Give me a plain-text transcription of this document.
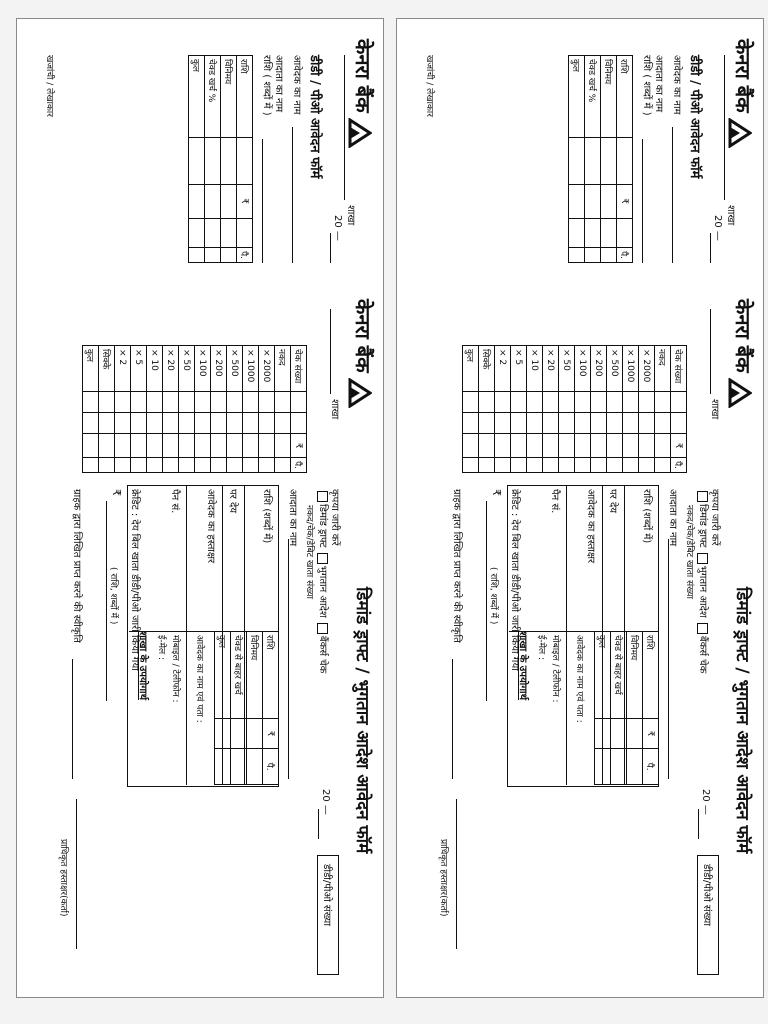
केनरा बैंक
शाखा
20 —
डीडी / पीओ आवेदन फॉर्म
आवेदक का नाम
आदाता का नाम
राशि ( शब्दों में )
राशि		₹		पै.
विनिमय				
चेक्ड खर्च %				
कुल				
खजांची / लेखाकार
केनरा बैंक
शाखा
चेक संख्या			₹	पै.
नकद				
× 2000				
× 1000				
× 500				
× 200				
× 100				
× 50				
× 20				
× 10				
× 5				
× 2				
सिक्के				
कुल				
डिमांड ड्राफ्ट / भुगतान आदेश आवेदन फॉर्म
20 —
डीडी/पीओ संख्या
कृपया जारी करें
डिमांड ड्राफ्ट भुगतान आदेश बैंकर्स चेक
नकद/चेक/डेबिट खाता संख्या
आदाता का नाम
राशि (शब्दों में)
पर देय
आवेदक का हस्ताक्षर
पैन सं.
राशि	₹	पै.
विनिमय		
चेक्ड से बाहर खर्च		
कुल		
आवेदक का नाम एवं पता :
मोबाइल / टेलीफोन :
ई-मेल :
शाखा के उपयोगार्थ
क्रेडिट : देय बिल खाता डीडी/पीओ जारी किया गया
₹
( राशि, शब्दों में )
ग्राहक द्वारा लिखित प्राप्त करने की स्वीकृति
प्राधिकृत हस्ताक्षर(कर्ता)
केनरा बैंक
शाखा
20 —
डीडी / पीओ आवेदन फॉर्म
आवेदक का नाम
आदाता का नाम
राशि ( शब्दों में )
राशि		₹		पै.
विनिमय				
चेक्ड खर्च %				
कुल				
खजांची / लेखाकार
केनरा बैंक
शाखा
चेक संख्या			₹	पै.
नकद				
× 2000				
× 1000				
× 500				
× 200				
× 100				
× 50				
× 20				
× 10				
× 5				
× 2				
सिक्के				
कुल				
डिमांड ड्राफ्ट / भुगतान आदेश आवेदन फॉर्म
20 —
डीडी/पीओ संख्या
कृपया जारी करें
डिमांड ड्राफ्ट भुगतान आदेश बैंकर्स चेक
नकद/चेक/डेबिट खाता संख्या
आदाता का नाम
राशि (शब्दों में)
पर देय
आवेदक का हस्ताक्षर
पैन सं.
राशि	₹	पै.
विनिमय		
चेक्ड से बाहर खर्च		
कुल		
आवेदक का नाम एवं पता :
मोबाइल / टेलीफोन :
ई-मेल :
शाखा के उपयोगार्थ
क्रेडिट : देय बिल खाता डीडी/पीओ जारी किया गया
₹
( राशि, शब्दों में )
ग्राहक द्वारा लिखित प्राप्त करने की स्वीकृति
प्राधिकृत हस्ताक्षर(कर्ता)
